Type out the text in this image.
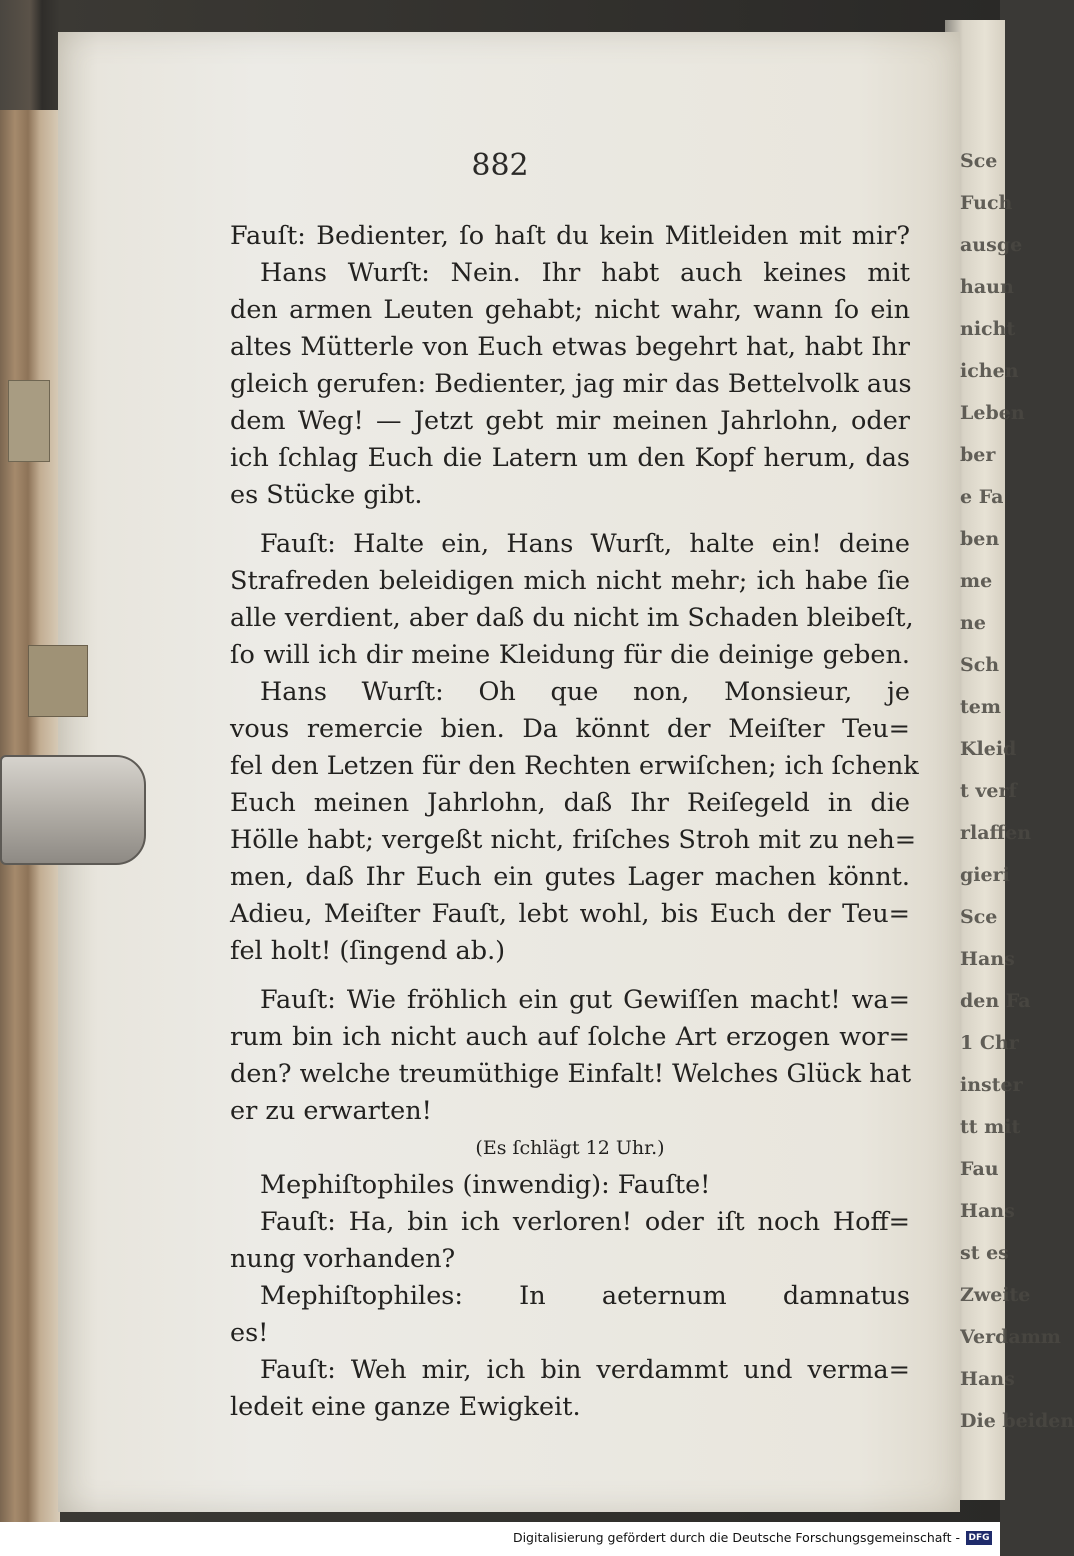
Sce
Fuch
ausge
haun
nicht
ichen
Leben
ber
e Fa
ben
me
ne
Sch
tem
Kleid
t verf
rlaffen
gieri
Sce
Hans
den Fa
1 Chr
inster
tt mit
Fau
Hans
st es
Zweite
Verdamm
Hans
Die beiden
882
Fauſt: Bedienter, ſo haſt du kein Mitleiden mit mir?
Hans Wurſt: Nein. Ihr habt auch keines mit
den armen Leuten gehabt; nicht wahr, wann ſo ein
altes Mütterle von Euch etwas begehrt hat, habt Ihr
gleich gerufen: Bedienter, jag mir das Bettelvolk aus
dem Weg! — Jetzt gebt mir meinen Jahrlohn, oder
ich ſchlag Euch die Latern um den Kopf herum, das
es Stücke gibt.
Fauſt: Halte ein, Hans Wurſt, halte ein! deine
Strafreden beleidigen mich nicht mehr; ich habe ſie
alle verdient, aber daß du nicht im Schaden bleibeſt,
ſo will ich dir meine Kleidung für die deinige geben.
Hans Wurſt: Oh que non, Monsieur, je
vous remercie bien. Da könnt der Meiſter Teu=
fel den Letzen für den Rechten erwiſchen; ich ſchenk
Euch meinen Jahrlohn, daß Ihr Reiſegeld in die
Hölle habt; vergeßt nicht, friſches Stroh mit zu neh=
men, daß Ihr Euch ein gutes Lager machen könnt.
Adieu, Meiſter Fauſt, lebt wohl, bis Euch der Teu=
fel holt! (ſingend ab.)
Fauſt: Wie fröhlich ein gut Gewiſſen macht! wa=
rum bin ich nicht auch auf ſolche Art erzogen wor=
den? welche treumüthige Einfalt! Welches Glück hat
er zu erwarten!
(Es ſchlägt 12 Uhr.)
Mephiſtophiles (inwendig): Fauſte!
Fauſt: Ha, bin ich verloren! oder iſt noch Hoff=
nung vorhanden?
Mephiſtophiles: In aeternum damnatus
es!
Fauſt: Weh mir, ich bin verdammt und verma=
ledeit eine ganze Ewigkeit.
Digitalisierung gefördert durch die Deutsche Forschungsgemeinschaft - DFG
